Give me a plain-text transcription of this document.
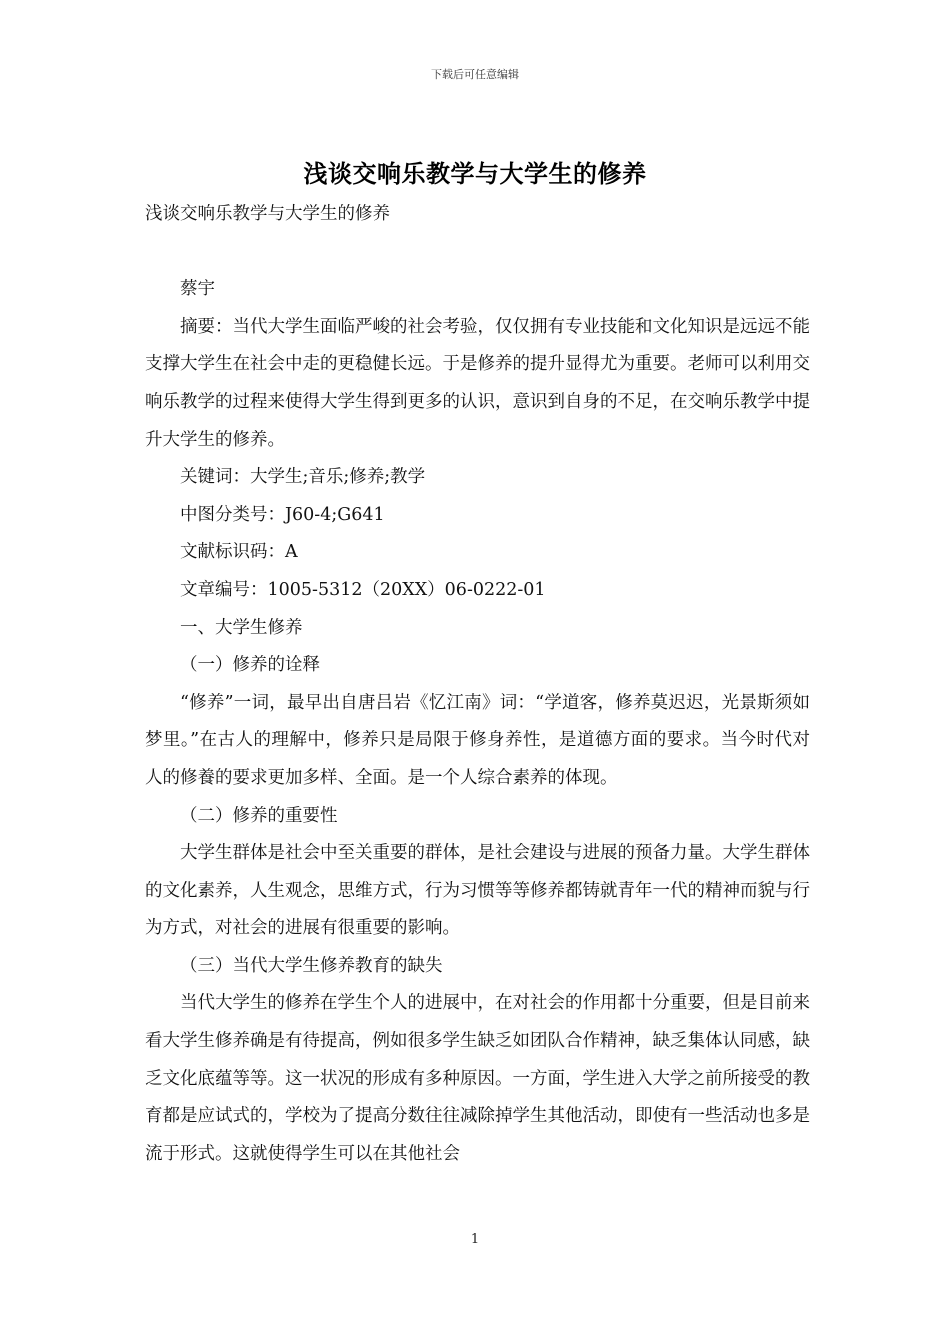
下载后可任意编辑
浅谈交响乐教学与大学生的修养

浅谈交响乐教学与大学生的修养

蔡宇

摘要：当代大学生面临严峻的社会考验，仅仅拥有专业技能和文化知识是远远不能支撑大学生在社会中走的更稳健长远。于是修养的提升显得尤为重要。老师可以利用交响乐教学的过程来使得大学生得到更多的认识，意识到自身的不足，在交响乐教学中提升大学生的修养。

关键词：大学生;音乐;修养;教学

中图分类号：J60-4;G641

文献标识码：A

文章编号：1005-5312（20XX）06-0222-01

一、大学生修养

（一）修养的诠释

“修养”一词，最早出自唐吕岩《忆江南》词：“学道客，修养莫迟迟，光景斯须如梦里。”在古人的理解中，修养只是局限于修身养性，是道德方面的要求。当今时代对人的修養的要求更加多样、全面。是一个人综合素养的体现。

（二）修养的重要性

大学生群体是社会中至关重要的群体，是社会建设与进展的预备力量。大学生群体的文化素养，人生观念，思维方式，行为习惯等等修养都铸就青年一代的精神而貌与行为方式，对社会的进展有很重要的影响。

（三）当代大学生修养教育的缺失

当代大学生的修养在学生个人的进展中，在对社会的作用都十分重要，但是目前来看大学生修养确是有待提高，例如很多学生缺乏如团队合作精神，缺乏集体认同感，缺乏文化底蕴等等。这一状况的形成有多种原因。一方面，学生进入大学之前所接受的教育都是应试式的，学校为了提高分数往往减除掉学生其他活动，即使有一些活动也多是流于形式。这就使得学生可以在其他社会

1
